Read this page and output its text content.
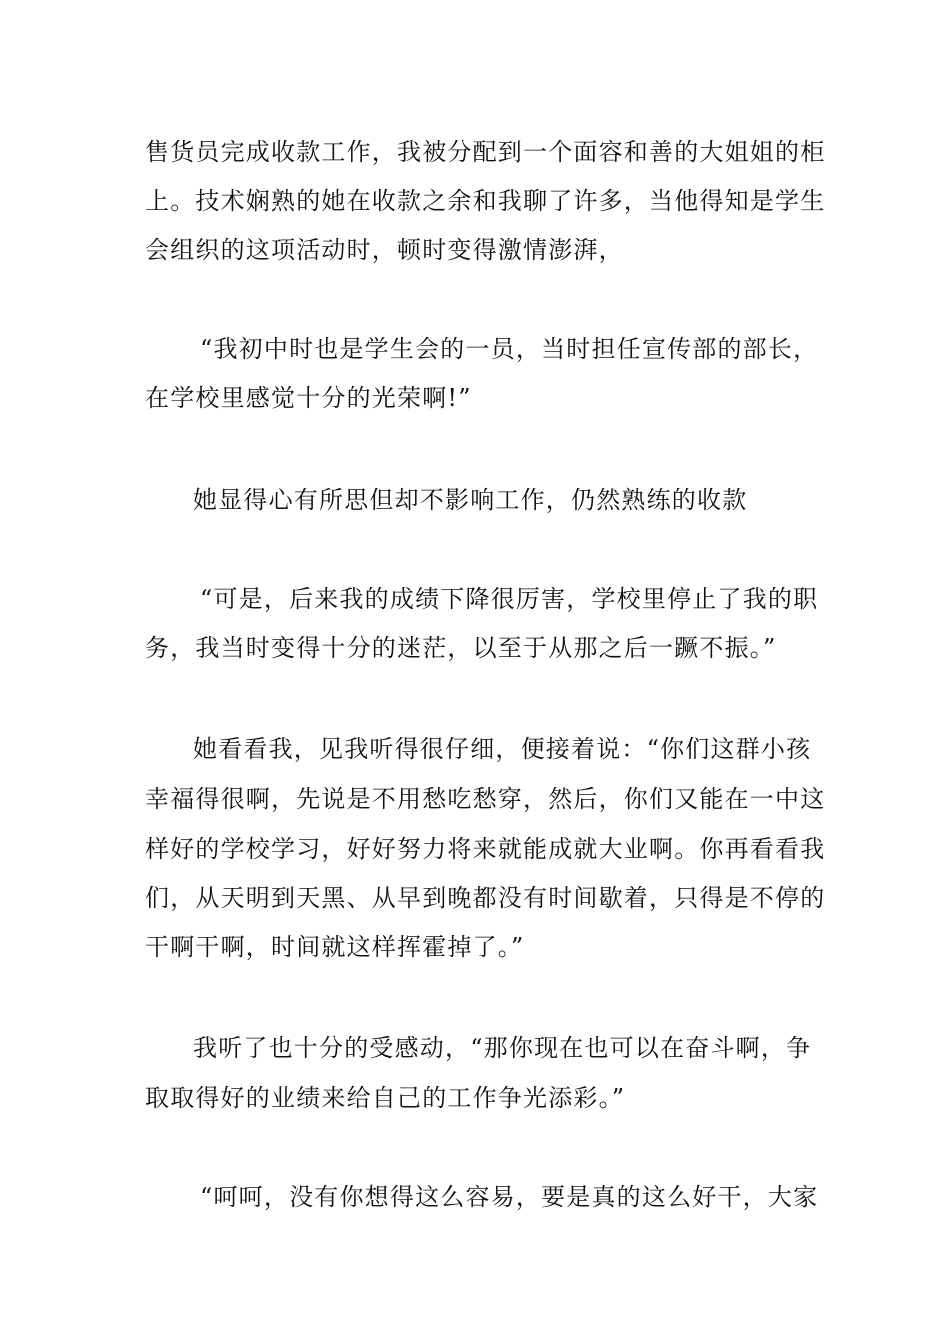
售货员完成收款工作，我被分配到一个面容和善的大姐姐的柜
上。技术娴熟的她在收款之余和我聊了许多，当他得知是学生
会组织的这项活动时，顿时变得激情澎湃，
“我初中时也是学生会的一员，当时担任宣传部的部长，
在学校里感觉十分的光荣啊!”
她显得心有所思但却不影响工作，仍然熟练的收款
“可是，后来我的成绩下降很厉害，学校里停止了我的职
务，我当时变得十分的迷茫，以至于从那之后一蹶不振。”
她看看我，见我听得很仔细，便接着说：“你们这群小孩
幸福得很啊，先说是不用愁吃愁穿，然后，你们又能在一中这
样好的学校学习，好好努力将来就能成就大业啊。你再看看我
们，从天明到天黑、从早到晚都没有时间歇着，只得是不停的
干啊干啊，时间就这样挥霍掉了。”
我听了也十分的受感动，“那你现在也可以在奋斗啊，争
取取得好的业绩来给自己的工作争光添彩。”
“呵呵，没有你想得这么容易，要是真的这么好干，大家
